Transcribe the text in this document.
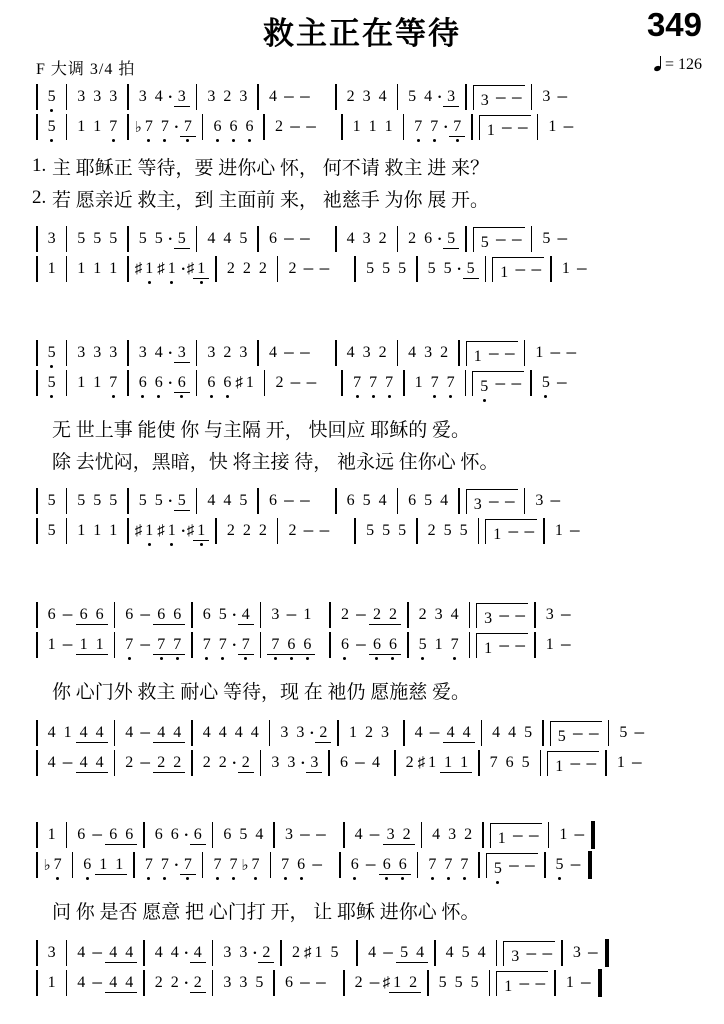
救主正在等待	349
F 大调 3/4 拍	= 126
5 3 3 3 3 4 · 3 3 2 3 4 − − 2 3 4 5 4 · 3	3 − − 3 −
5 1 1 7 ♭ 7 7 · 7 6 6 6 2 − − 1 1 1 7 7 · 7	1 − − 1 −
1. 主 耶稣正 等待，要 进你心 怀， 何不请 救主 进 来？
2. 若 愿亲近 救主，到 主面前 来， 祂慈手 为你 展 开。
3 5 5 5 5 5 · 5 4 4 5 6 − − 4 3 2 2 6 · 5	5 − − 5 −
1 1 1 1 ♯ 1 ♯ 1 · ♯ 1 2 2 2 2 − − 5 5 5 5 5 · 5	1 − − 1 −
5 3 3 3 3 4 · 3 3 2 3 4 − − 4 3 2 4 3 2	1 − − 1 − −
5 1 1 7 6 6 · 6 6 6 ♯ 1 2 − − 7 7 7 1 7 7	5 − − 5 −
无 世上事 能使 你 与主隔 开， 快回应 耶稣的 爱。
除 去忧闷，黑暗，快 将主接 待， 祂永远 住你心 怀。
5 5 5 5 5 5 · 5 4 4 5 6 − − 6 5 4 6 5 4	3 − − 3 −
5 1 1 1 ♯ 1 ♯ 1 · ♯ 1 2 2 2 2 − − 5 5 5 2 5 5	1 − − 1 −
6 − 6 6 6 − 6 6 6 5 · 4 3 − 1 2 − 2 2 2 3 4	3 − − 3 −
1 − 1 1 7 − 7 7 7 7 · 7 7 6 6 6 − 6 6 5 1 7	1 − − 1 −
你 心门外 救主 耐心 等待，现 在 祂仍 愿施慈 爱。
4 1 4 4 4 − 4 4 4 4 4 4 3 3 · 2 1 2 3 4 − 4 4 4 4 5	5 − − 5 −
4 − 4 4 2 − 2 2 2 2 · 2 3 3 · 3 6 − 4 2 ♯ 1 1 1 7 6 5	1 − − 1 −
1 6 − 6 6 6 6 · 6 6 5 4 3 − − 4 − 3 2 4 3 2	1 − − 1 −
♭ 7 6 1 1 7 7 · 7 7 7 ♭ 7 7 6 − 6 − 6 6 7 7 7	5 − − 5 −
问 你 是否 愿意 把 心门打 开， 让 耶稣 进你心 怀。
3 4 − 4 4 4 4 · 4 3 3 · 2 2 ♯ 1 5 4 − 5 4 4 5 4	3 − − 3 −
1 4 − 4 4 2 2 · 2 3 3 5 6 − − 2 − ♯ 1 2 5 5 5	1 − − 1 −
